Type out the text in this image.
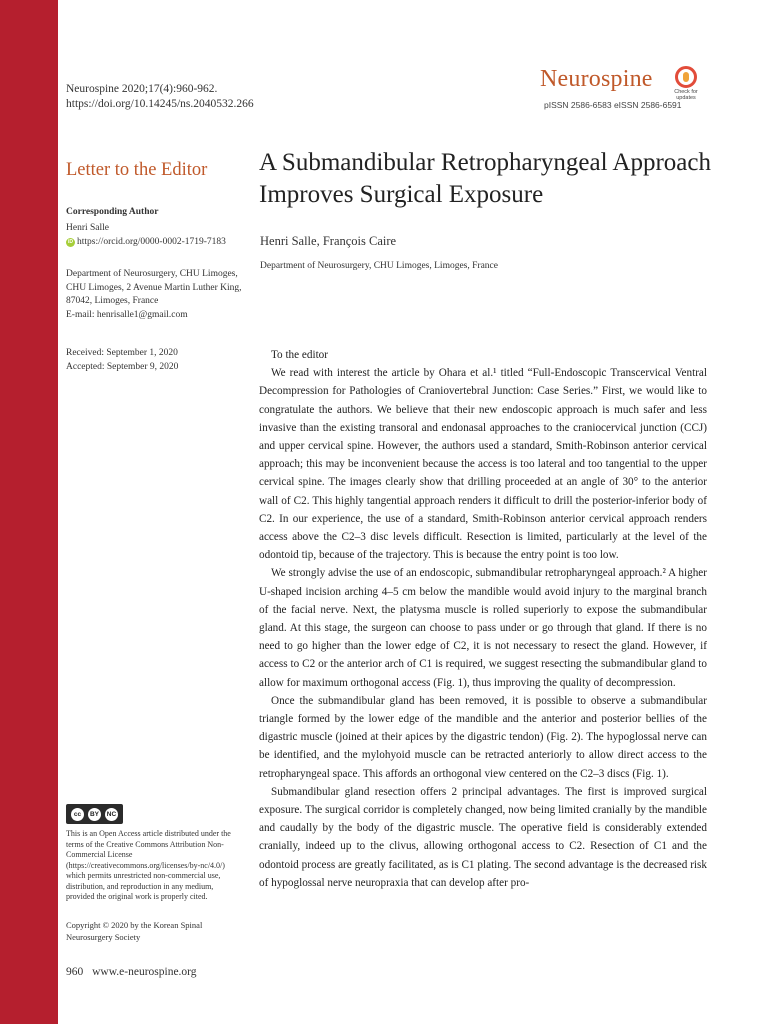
Neurospine 2020;17(4):960-962.
https://doi.org/10.14245/ns.2040532.266
Neurospine
pISSN 2586-6583 eISSN 2586-6591
Check for
updates
Letter to the Editor A Submandibular Retropharyngeal Approach Improves Surgical Exposure
Henri Salle, François Caire
Department of Neurosurgery, CHU Limoges, Limoges, France
Corresponding Author
Henri Salle
iD https://orcid.org/0000-0002-1719-7183
Department of Neurosurgery, CHU Limoges, CHU Limoges, 2 Avenue Martin Luther King, 87042, Limoges, France
E-mail: henrisalle1@gmail.com
Received: September 1, 2020
Accepted: September 9, 2020
cc	BY	NC
This is an Open Access article distributed under the terms of the Creative Commons Attribution Non-Commercial License (https://creativecommons.org/licenses/by-nc/4.0/) which permits unrestricted non-commercial use, distribution, and reproduction in any medium, provided the original work is properly cited.
Copyright © 2020 by the Korean Spinal Neurosurgery Society
960 www.e-neurospine.org

To the editor

We read with interest the article by Ohara et al.¹ titled “Full-Endoscopic Transcervical Ventral Decompression for Pathologies of Craniovertebral Junction: Case Series.” First, we would like to congratulate the authors. We believe that their new endoscopic approach is much safer and less invasive than the existing transoral and endonasal approaches to the craniocervical junction (CCJ) and upper cervical spine. However, the authors used a standard, Smith-Robinson anterior cervical approach; this may be inconvenient because the access is too lateral and too tangential to the upper cervical spine. The images clearly show that drilling proceeded at an angle of 30° to the anterior wall of C2. This highly tangential approach renders it difficult to drill the posterior-inferior body of C2. In our experience, the use of a standard, Smith-Robinson anterior cervical approach renders access above the C2–3 disc levels difficult. Resection is limited, particularly at the level of the odontoid tip, because of the trajectory. This is because the entry point is too low.

We strongly advise the use of an endoscopic, submandibular retropharyngeal approach.² A higher U-shaped incision arching 4–5 cm below the mandible would avoid injury to the marginal branch of the facial nerve. Next, the platysma muscle is rolled superiorly to expose the submandibular gland. At this stage, the surgeon can choose to pass under or go through that gland. If there is no need to go higher than the lower edge of C2, it is not necessary to resect the gland. However, if access to C2 or the anterior arch of C1 is required, we suggest resecting the submandibular gland to allow for maximum orthogonal access (Fig. 1), thus improving the quality of decompression.

Once the submandibular gland has been removed, it is possible to observe a submandibular triangle formed by the lower edge of the mandible and the anterior and posterior bellies of the digastric muscle (joined at their apices by the digastric tendon) (Fig. 2). The hypoglossal nerve can be identified, and the mylohyoid muscle can be retracted anteriorly to allow direct access to the retropharyngeal space. This affords an orthogonal view centered on the C2–3 discs (Fig. 1).

Submandibular gland resection offers 2 principal advantages. The first is improved surgical exposure. The surgical corridor is completely changed, now being limited cranially by the mandible and caudally by the body of the digastric muscle. The operative field is considerably extended cranially, indeed up to the clivus, allowing orthogonal access to C2. Resection of C1 and the odontoid process are greatly facilitated, as is C1 plating. The second advantage is the decreased risk of hypoglossal nerve neuropraxia that can develop after pro-
